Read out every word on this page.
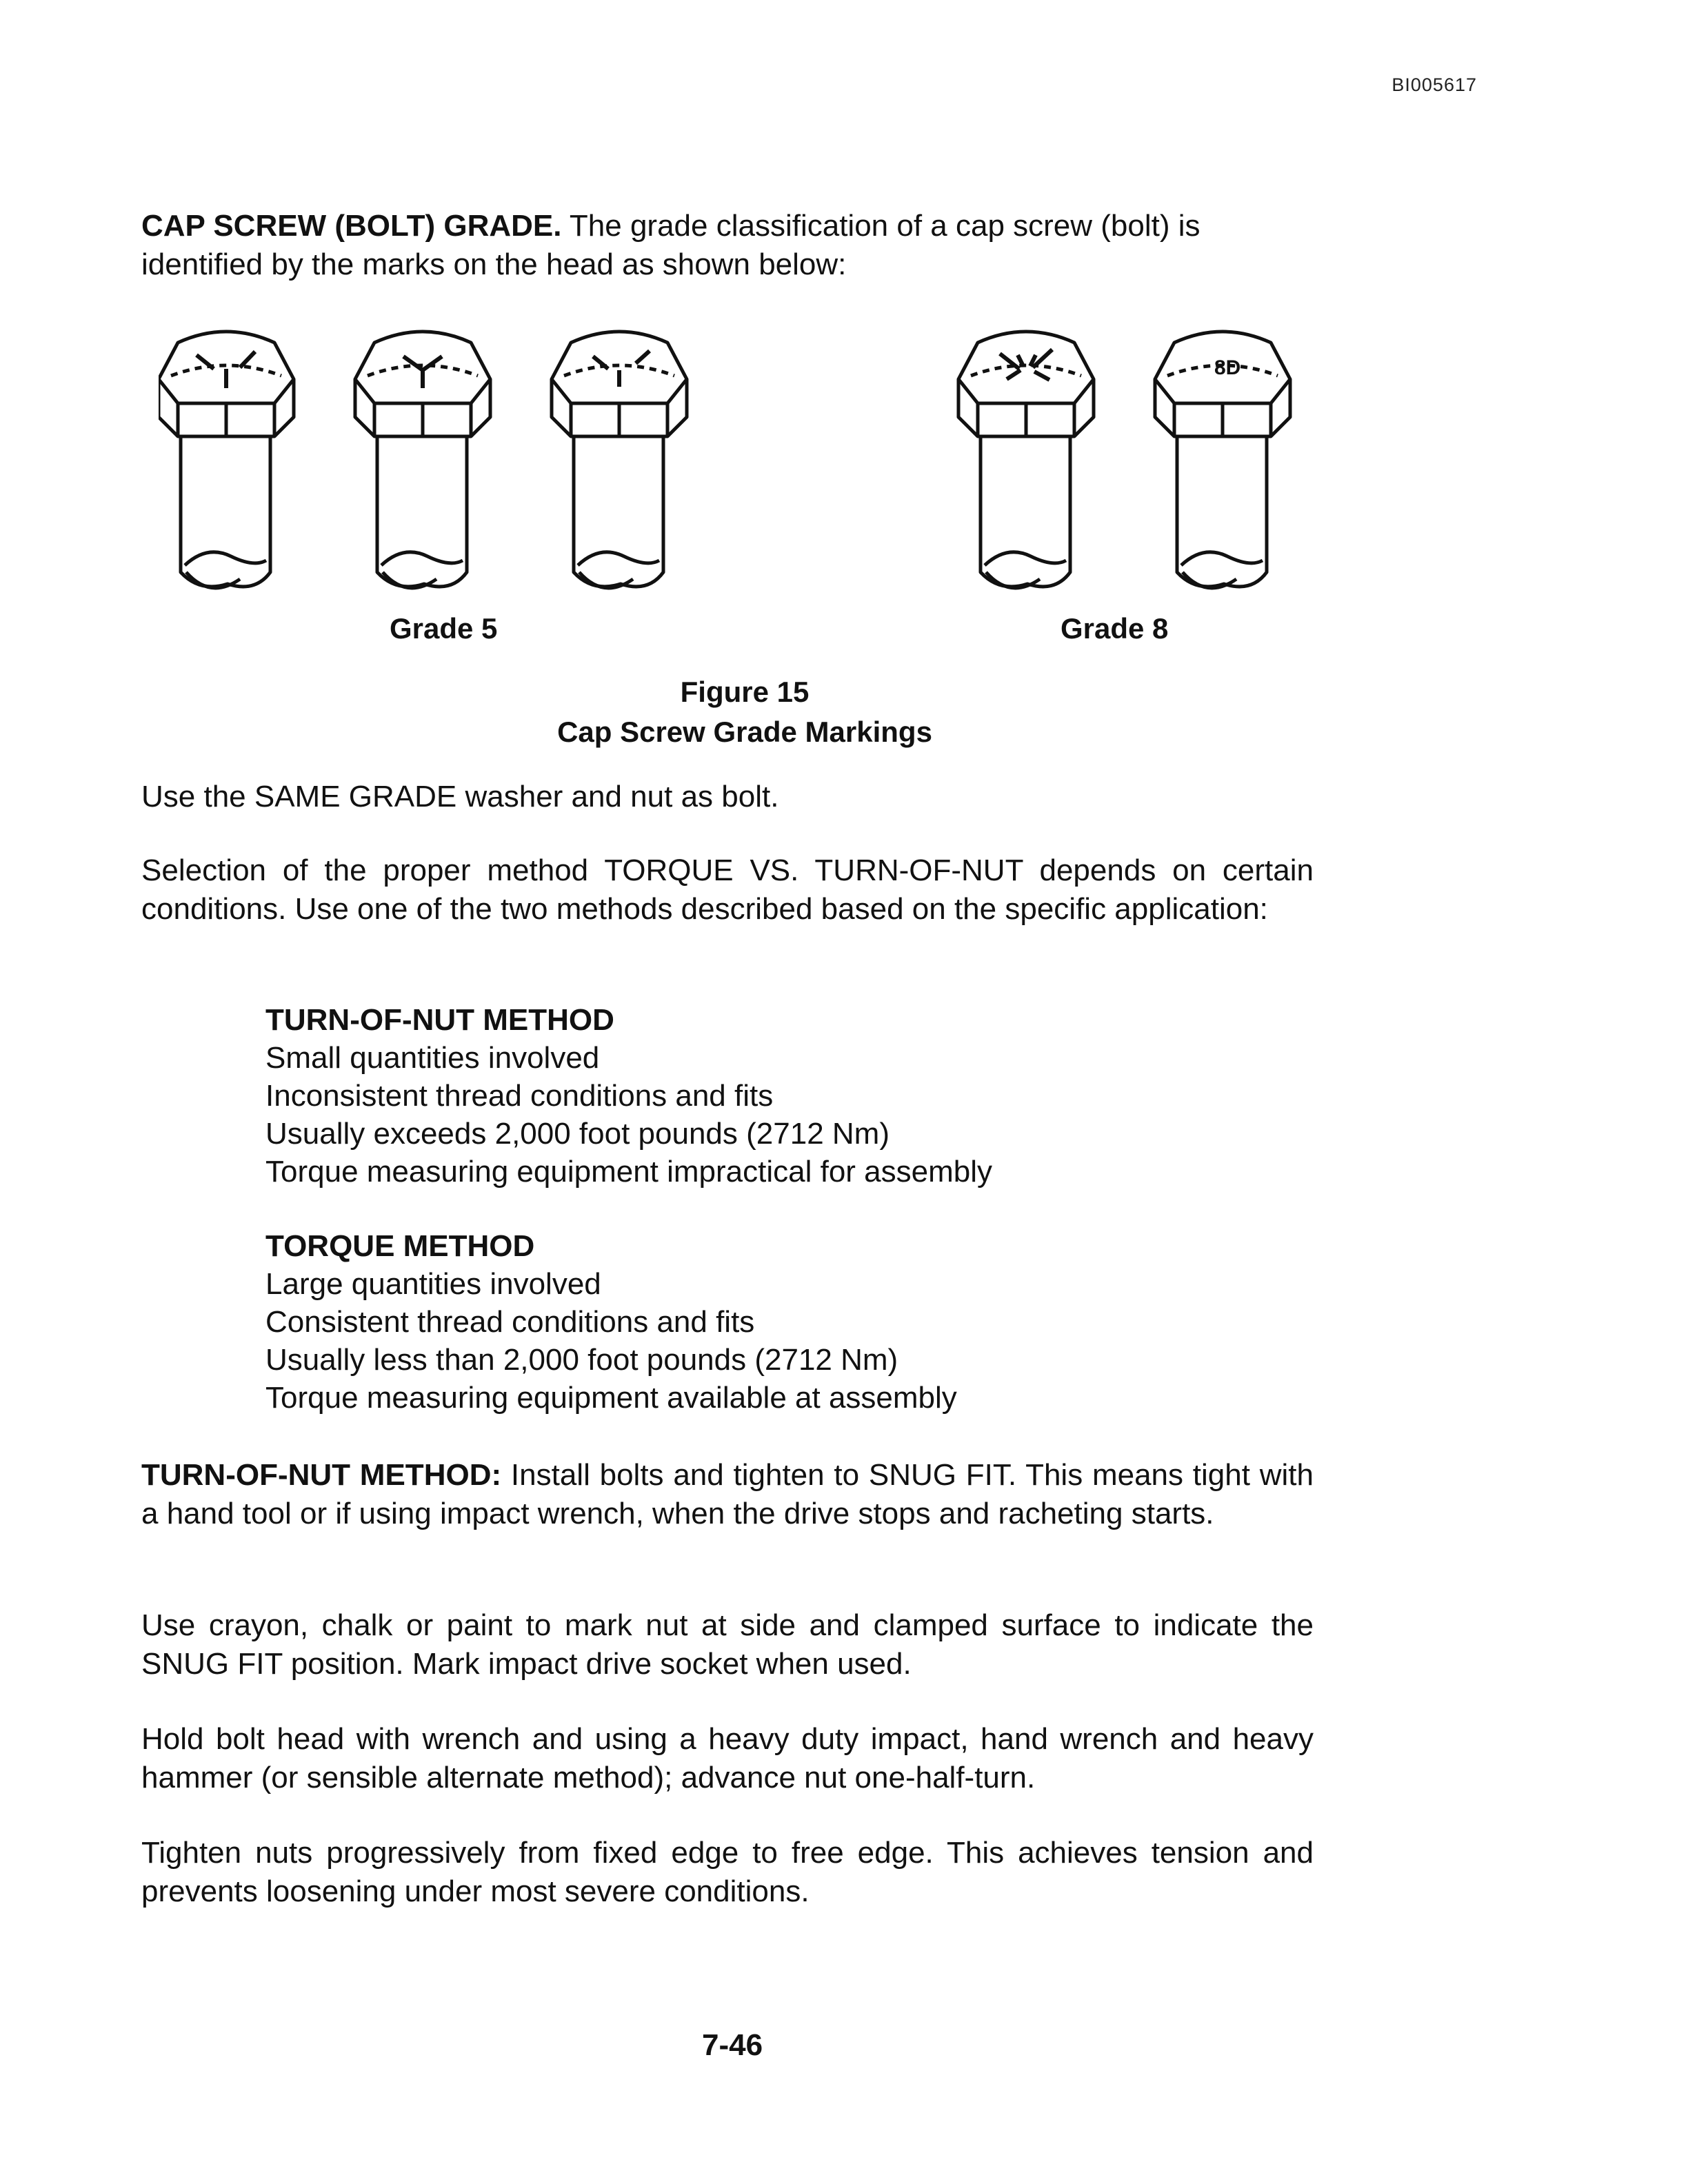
BI005617

CAP SCREW (BOLT) GRADE. The grade classification of a cap screw (bolt) is identified by the marks on the head as shown below:

8D
Grade 5	Grade 8
Figure 15
Cap Screw Grade Markings

Use the SAME GRADE washer and nut as bolt.

Selection of the proper method TORQUE VS. TURN-OF-NUT depends on certain conditions. Use one of the two methods described based on the specific application:

TURN-OF-NUT METHOD
Small quantities involved
Inconsistent thread conditions and fits
Usually exceeds 2,000 foot pounds (2712 Nm)
Torque measuring equipment impractical for assembly
TORQUE METHOD
Large quantities involved
Consistent thread conditions and fits
Usually less than 2,000 foot pounds (2712 Nm)
Torque measuring equipment available at assembly

TURN-OF-NUT METHOD: Install bolts and tighten to SNUG FIT. This means tight with a hand tool or if using impact wrench, when the drive stops and racheting starts.

Use crayon, chalk or paint to mark nut at side and clamped surface to indicate the SNUG FIT position. Mark impact drive socket when used.

Hold bolt head with wrench and using a heavy duty impact, hand wrench and heavy hammer (or sensible alternate method); advance nut one-half-turn.

Tighten nuts progressively from fixed edge to free edge. This achieves tension and prevents loosening under most severe conditions.

7-46
